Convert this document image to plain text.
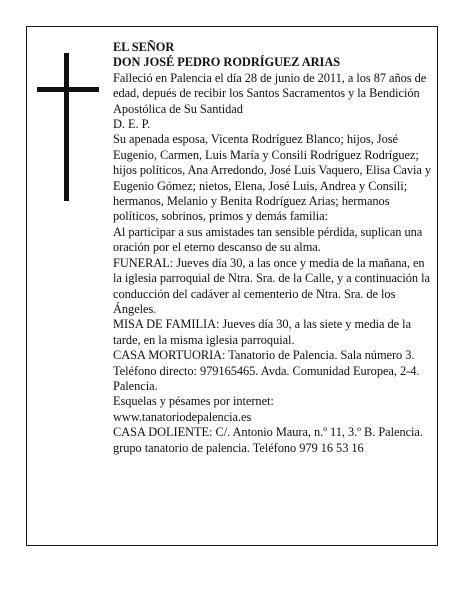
EL SEÑOR

DON JOSÉ PEDRO RODRÍGUEZ ARIAS

Falleció en Palencia el día 28 de junio de 2011, a los 87 años de edad, depués de recibir los Santos Sacramentos y la Bendición Apostólica de Su Santidad

D. E. P.

Su apenada esposa, Vicenta Rodríguez Blanco; hijos, José Eugenio, Carmen, Luis María y Consili Rodríguez Rodríguez; hijos políticos, Ana Arredondo, José Luis Vaquero, Elisa Cavia y Eugenio Gómez; nietos, Elena, José Luis, Andrea y Consili; hermanos, Melanio y Benita Rodríguez Arias; hermanos políticos, sobrinos, primos y demás familia:

Al participar a sus amistades tan sensible pérdida, suplican una oración por el eterno descanso de su alma.

FUNERAL: Jueves día 30, a las once y media de la mañana, en la iglesia parroquial de Ntra. Sra. de la Calle, y a continuación la conducción del cadáver al cementerio de Ntra. Sra. de los Ángeles.

MISA DE FAMILIA: Jueves día 30, a las siete y media de la tarde, en la misma iglesia parroquial.

CASA MORTUORIA: Tanatorio de Palencia. Sala número 3. Teléfono directo: 979165465. Avda. Comunidad Europea, 2-4. Palencia.

Esquelas y pésames por internet:

www.tanatoriodepalencia.es

CASA DOLIENTE: C/. Antonio Maura, n.º 11, 3.º B. Palencia.

grupo tanatorio de palencia. Teléfono 979 16 53 16
